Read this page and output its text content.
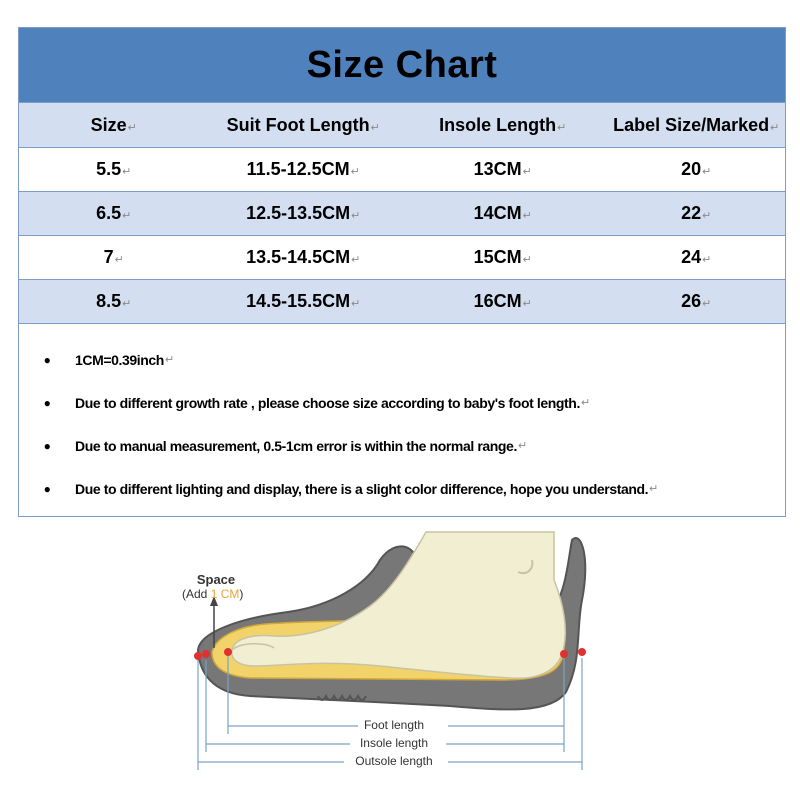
Size Chart
Size↵	Suit Foot Length↵	Insole Length↵	Label Size/Marked↵
5.5↵	11.5-12.5CM↵	13CM↵	20↵
6.5↵	12.5-13.5CM↵	14CM↵	22↵
7↵	13.5-14.5CM↵	15CM↵	24↵
8.5↵	14.5-15.5CM↵	16CM↵	26↵
●	1CM=0.39inch ↵
●	Due to different growth rate , please choose size according to baby's foot length. ↵
●	Due to manual measurement, 0.5-1cm error is within the normal range. ↵
●	Due to different lighting and display, there is a slight color difference, hope you understand. ↵
Space
(Add 1 CM)
Foot length
Insole length
Outsole length
